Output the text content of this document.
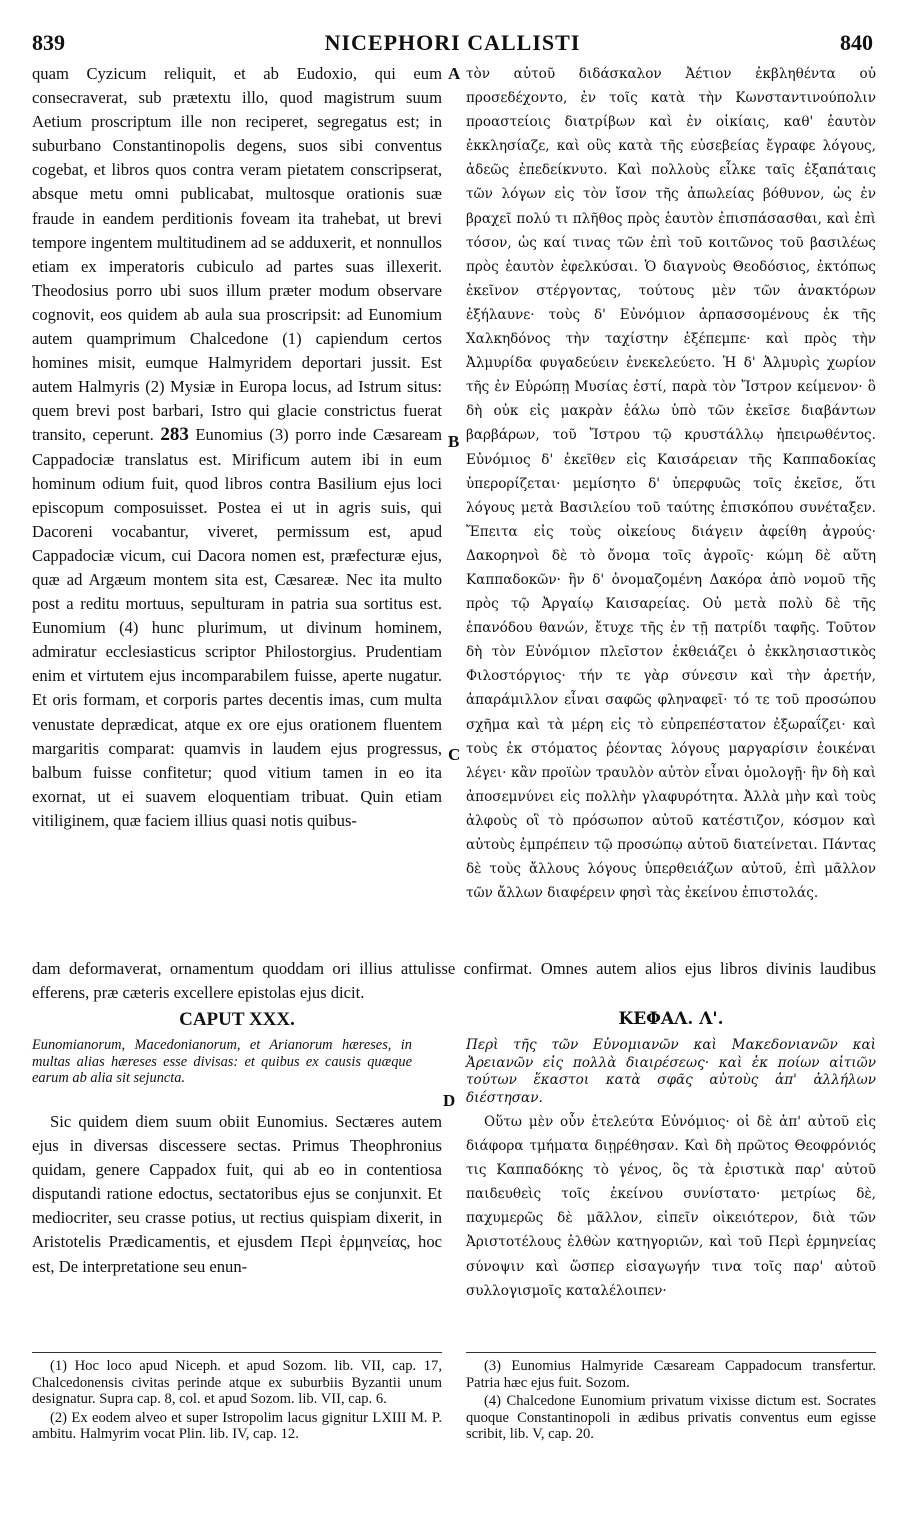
839	NICEPHORI CALLISTI	840

quam Cyzicum reliquit, et ab Eudoxio, qui eum consecraverat, sub prætextu illo, quod magistrum suum Aetium proscriptum ille non reciperet, segregatus est; in suburbano Constantinopolis degens, suos sibi conventus cogebat, et libros quos contra veram pietatem conscripserat, absque metu omni publicabat, multosque orationis suæ fraude in eandem perditionis foveam ita trahebat, ut brevi tempore ingentem multitudinem ad se adduxerit, et nonnullos etiam ex imperatoris cubiculo ad partes suas illexerit. Theodosius porro ubi suos illum præter modum observare cognovit, eos quidem ab aula sua proscripsit: ad Eunomium autem quamprimum Chalcedone (1) capiendum certos homines misit, eumque Halmyridem deportari jussit. Est autem Halmyris (2) Mysiæ in Europa locus, ad Istrum situs: quem brevi post barbari, Istro qui glacie constrictus fuerat transito, ceperunt. 283 Eunomius (3) porro inde Cæsaream Cappadociæ translatus est. Mirificum autem ibi in eum hominum odium fuit, quod libros contra Basilium ejus loci episcopum composuisset. Postea ei ut in agris suis, qui Dacoreni vocabantur, viveret, permissum est, apud Cappadociæ vicum, cui Dacora nomen est, præfecturæ ejus, quæ ad Argæum montem sita est, Cæsareæ. Nec ita multo post a reditu mortuus, sepulturam in patria sua sortitus est. Eunomium (4) hunc plurimum, ut divinum hominem, admiratur ecclesiasticus scriptor Philostorgius. Prudentiam enim et virtutem ejus incomparabilem fuisse, aperte nugatur. Et oris formam, et corporis partes decentis imas, cum multa venustate deprædicat, atque ex ore ejus orationem fluentem margaritis comparat: quamvis in laudem ejus progressus, balbum fuisse confitetur; quod vitium tamen in eo ita exornat, ut ei suavem eloquentiam tribuat. Quin etiam vitiliginem, quæ faciem illius quasi notis quibus-

τὸν αὐτοῦ διδάσκαλον Ἀέτιον ἐκβληθέντα οὐ προσεδέχοντο, ἐν τοῖς κατὰ τὴν Κωνσταντινούπολιν προαστείοις διατρίβων καὶ ἐν οἰκίαις, καθ' ἑαυτὸν ἐκκλησίαζε, καὶ οὓς κατὰ τῆς εὐσεβείας ἔγραφε λόγους, ἀδεῶς ἐπεδείκνυτο. Καὶ πολλοὺς εἷλκε ταῖς ἐξαπάταις τῶν λόγων εἰς τὸν ἴσον τῆς ἀπωλείας βόθυνον, ὡς ἐν βραχεῖ πολύ τι πλῆθος πρὸς ἑαυτὸν ἐπισπάσασθαι, καὶ ἐπὶ τόσον, ὡς καί τινας τῶν ἐπὶ τοῦ κοιτῶνος τοῦ βασιλέως πρὸς ἑαυτὸν ἐφελκύσαι. Ὁ διαγνοὺς Θεοδόσιος, ἐκτόπως ἐκεῖνον στέργοντας, τούτους μὲν τῶν ἀνακτόρων ἐξήλαυνε· τοὺς δ' Εὐνόμιον ἁρπασσομένους ἐκ τῆς Χαλκηδόνος τὴν ταχίστην ἐξέπεμπε· καὶ πρὸς τὴν Ἀλμυρίδα φυγαδεύειν ἐνεκελεύετο. Ἡ δ' Ἀλμυρὶς χωρίον τῆς ἐν Εὐρώπῃ Μυσίας ἐστί, παρὰ τὸν Ἴστρον κείμενον· ὃ δὴ οὐκ εἰς μακρὰν ἑάλω ὑπὸ τῶν ἐκεῖσε διαβάντων βαρβάρων, τοῦ Ἴστρου τῷ κρυστάλλῳ ἠπειρωθέντος. Εὐνόμιος δ' ἐκεῖθεν εἰς Καισάρειαν τῆς Καππαδοκίας ὑπερορίζεται· μεμίσητο δ' ὑπερφυῶς τοῖς ἐκεῖσε, ὅτι λόγους μετὰ Βασιλείου τοῦ ταύτης ἐπισκόπου συνέταξεν. Ἔπειτα εἰς τοὺς οἰκείους διάγειν ἀφείθη ἀγρούς· Δακορηνοὶ δὲ τὸ ὄνομα τοῖς ἀγροῖς· κώμη δὲ αὕτη Καππαδοκῶν· ἣν δ' ὀνομαζομένη Δακόρα ἀπὸ νομοῦ τῆς πρὸς τῷ Ἀργαίῳ Καισαρείας. Οὐ μετὰ πολὺ δὲ τῆς ἐπανόδου θανών, ἔτυχε τῆς ἐν τῇ πατρίδι ταφῆς. Τοῦτον δὴ τὸν Εὐνόμιον πλεῖστον ἐκθειάζει ὁ ἐκκλησιαστικὸς Φιλοστόργιος· τήν τε γὰρ σύνεσιν καὶ τὴν ἀρετήν, ἀπαράμιλλον εἶναι σαφῶς φληναφεῖ· τό τε τοῦ προσώπου σχῆμα καὶ τὰ μέρη εἰς τὸ εὐπρεπέστατον ἐξωραΐζει· καὶ τοὺς ἐκ στόματος ῥέοντας λόγους μαργαρίσιν ἐοικέναι λέγει· κἂν προϊὼν τραυλὸν αὐτὸν εἶναι ὁμολογῇ· ἣν δὴ καὶ ἀποσεμνύνει εἰς πολλὴν γλαφυρότητα. Ἀλλὰ μὴν καὶ τοὺς ἀλφοὺς οἳ τὸ πρόσωπον αὐτοῦ κατέστιζον, κόσμον καὶ αὐτοὺς ἐμπρέπειν τῷ προσώπῳ αὐτοῦ διατείνεται. Πάντας δὲ τοὺς ἄλλους λόγους ὑπερθειάζων αὐτοῦ, ἐπὶ μᾶλλον τῶν ἄλλων διαφέρειν φησὶ τὰς ἐκείνου ἐπιστολάς.

A
B
C
D
dam deformaverat, ornamentum quoddam ori illius attulisse confirmat. Omnes autem alios ejus libros divinis laudibus efferens, præ cæteris excellere epistolas ejus dicit.
CAPUT XXX.	ΚΕΦΑΛ. Λ'.
Eunomianorum, Macedonianorum, et Arianorum hæreses, in multas alias hæreses esse divisas: et quibus ex causis quæque earum ab alia sit sejuncta.
Περὶ τῆς τῶν Εὐνομιανῶν καὶ Μακεδονιανῶν καὶ Ἀρειανῶν εἰς πολλὰ διαιρέσεως· καὶ ἐκ ποίων αἰτιῶν τούτων ἕκαστοι κατὰ σφᾶς αὐτοὺς ἀπ' ἀλλήλων διέστησαν.

Sic quidem diem suum obiit Eunomius. Sectæres autem ejus in diversas discessere sectas. Primus Theophronius quidam, genere Cappadox fuit, qui ab eo in contentiosa disputandi ratione edoctus, sectatoribus ejus se conjunxit. Et mediocriter, seu crasse potius, ut rectius quispiam dixerit, in Aristotelis Prædicamentis, et ejusdem Περὶ ἑρμηνείας, hoc est, De interpretatione seu enun-

Οὕτω μὲν οὖν ἐτελεύτα Εὐνόμιος· οἱ δὲ ἀπ' αὐτοῦ εἰς διάφορα τμήματα διῃρέθησαν. Καὶ δὴ πρῶτος Θεοφρόνιός τις Καππαδόκης τὸ γένος, ὃς τὰ ἐριστικὰ παρ' αὐτοῦ παιδευθεὶς τοῖς ἐκείνου συνίστατο· μετρίως δὲ, παχυμερῶς δὲ μᾶλλον, εἰπεῖν οἰκειότερον, διὰ τῶν Ἀριστοτέλους ἐλθὼν κατηγοριῶν, καὶ τοῦ Περὶ ἑρμηνείας σύνοψιν καὶ ὥσπερ εἰσαγωγήν τινα τοῖς παρ' αὐτοῦ συλλογισμοῖς καταλέλοιπεν·

(1) Hoc loco apud Niceph. et apud Sozom. lib. VII, cap. 17, Chalcedonensis civitas perinde atque ex suburbiis Byzantii unum designatur. Supra cap. 8, col. et apud Sozom. lib. VII, cap. 6.

(2) Ex eodem alveo et super Istropolim lacus gignitur LXIII M. P. ambitu. Halmyrim vocat Plin. lib. IV, cap. 12.

(3) Eunomius Halmyride Cæsaream Cappadocum transfertur. Patria hæc ejus fuit. Sozom.

(4) Chalcedone Eunomium privatum vixisse dictum est. Socrates quoque Constantinopoli in ædibus privatis conventus eum egisse scribit, lib. V, cap. 20.
